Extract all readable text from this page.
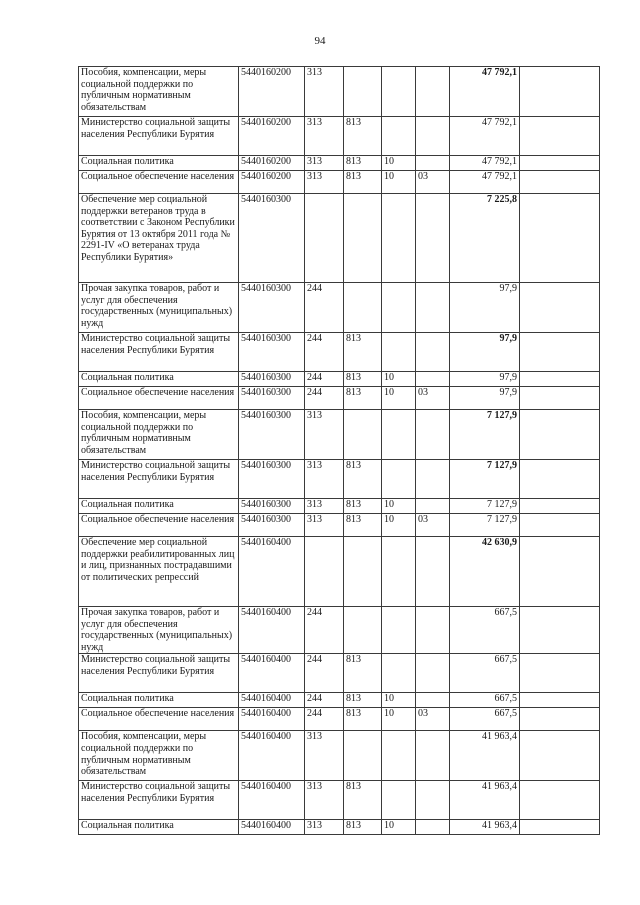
94
Пособия, компенсации, меры социальной поддержки по публичным нормативным обязательствам	5440160200	313				47 792,1	
Министерство социальной защиты населения Республики Бурятия	5440160200	313	813			47 792,1	
Социальная политика	5440160200	313	813	10		47 792,1	
Социальное обеспечение населения	5440160200	313	813	10	03	47 792,1	
Обеспечение мер социальной поддержки ветеранов труда в соответствии с Законом Республики Бурятия от 13 октября 2011 года № 2291-IV «О ветеранах труда Республики Бурятия»	5440160300					7 225,8	
Прочая закупка товаров, работ и услуг для обеспечения государственных (муниципальных) нужд	5440160300	244				97,9	
Министерство социальной защиты населения Республики Бурятия	5440160300	244	813			97,9	
Социальная политика	5440160300	244	813	10		97,9	
Социальное обеспечение населения	5440160300	244	813	10	03	97,9	
Пособия, компенсации, меры социальной поддержки по публичным нормативным обязательствам	5440160300	313				7 127,9	
Министерство социальной защиты населения Республики Бурятия	5440160300	313	813			7 127,9	
Социальная политика	5440160300	313	813	10		7 127,9	
Социальное обеспечение населения	5440160300	313	813	10	03	7 127,9	
Обеспечение мер социальной поддержки реабилитированных лиц и лиц, признанных пострадавшими от политических репрессий	5440160400					42 630,9	
Прочая закупка товаров, работ и услуг для обеспечения государственных (муниципальных) нужд	5440160400	244				667,5	
Министерство социальной защиты населения Республики Бурятия	5440160400	244	813			667,5	
Социальная политика	5440160400	244	813	10		667,5	
Социальное обеспечение населения	5440160400	244	813	10	03	667,5	
Пособия, компенсации, меры социальной поддержки по публичным нормативным обязательствам	5440160400	313				41 963,4	
Министерство социальной защиты населения Республики Бурятия	5440160400	313	813			41 963,4	
Социальная политика	5440160400	313	813	10		41 963,4	
